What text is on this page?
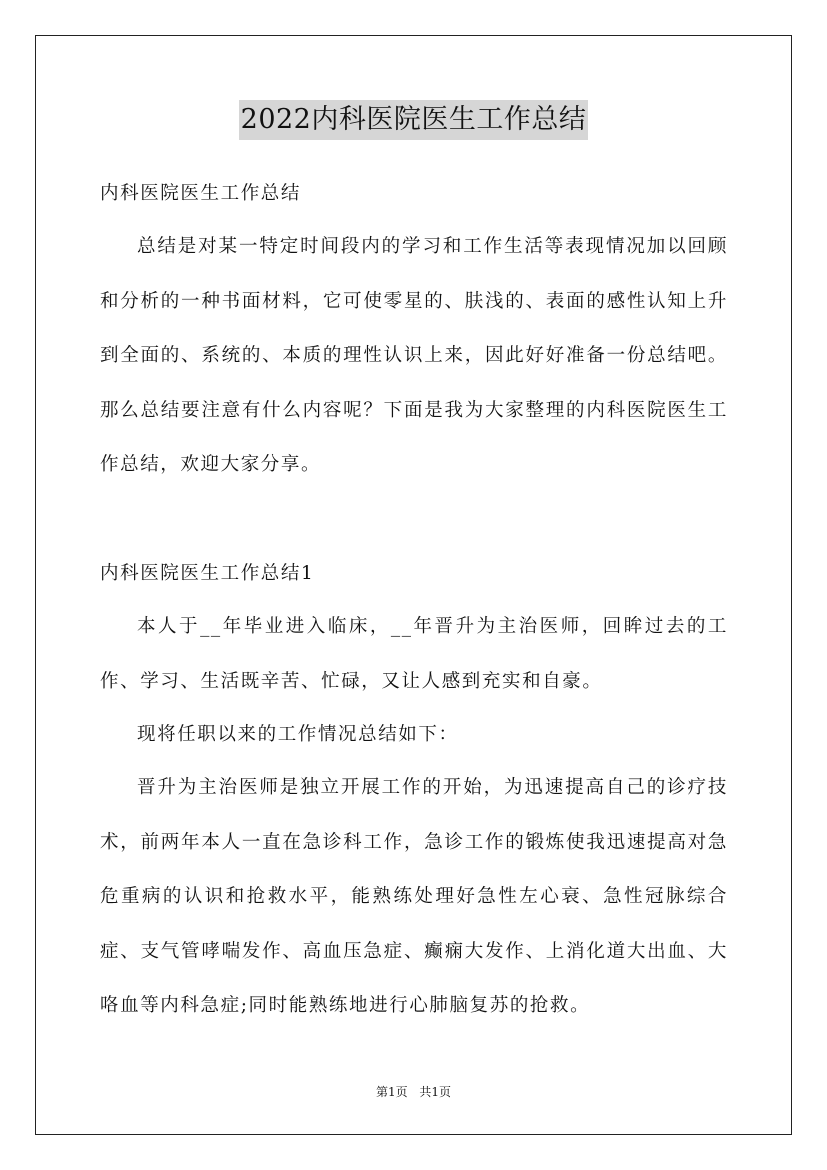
2022内科医院医生工作总结
内科医院医生工作总结

总结是对某一特定时间段内的学习和工作生活等表现情况加以回顾和分析的一种书面材料，它可使零星的、肤浅的、表面的感性认知上升到全面的、系统的、本质的理性认识上来，因此好好准备一份总结吧。那么总结要注意有什么内容呢？下面是我为大家整理的内科医院医生工作总结，欢迎大家分享。

内科医院医生工作总结1

本人于__年毕业进入临床，__年晋升为主治医师，回眸过去的工作、学习、生活既辛苦、忙碌，又让人感到充实和自豪。

现将任职以来的工作情况总结如下：

晋升为主治医师是独立开展工作的开始，为迅速提高自己的诊疗技术，前两年本人一直在急诊科工作，急诊工作的锻炼使我迅速提高对急危重病的认识和抢救水平，能熟练处理好急性左心衰、急性冠脉综合症、支气管哮喘发作、高血压急症、癫痫大发作、上消化道大出血、大咯血等内科急症;同时能熟练地进行心肺脑复苏的抢救。

第1页 共1页
